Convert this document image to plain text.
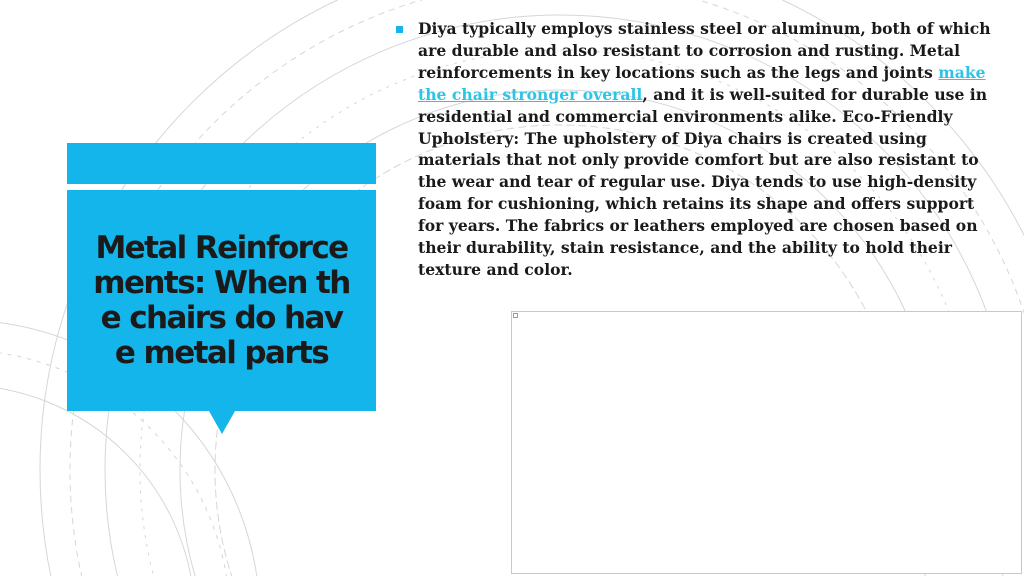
Metal Reinforcements: When the chairs do have metal parts
Diya typically employs stainless steel or aluminum, both of which are durable and also resistant to corrosion and rusting. Metal reinforcements in key locations such as the legs and joints make the chair stronger overall, and it is well-suited for durable use in residential and commercial environments alike. Eco-Friendly Upholstery: The upholstery of Diya chairs is created using materials that not only provide comfort but are also resistant to the wear and tear of regular use. Diya tends to use high-density foam for cushioning, which retains its shape and offers support for years. The fabrics or leathers employed are chosen based on their durability, stain resistance, and the ability to hold their texture and color.
